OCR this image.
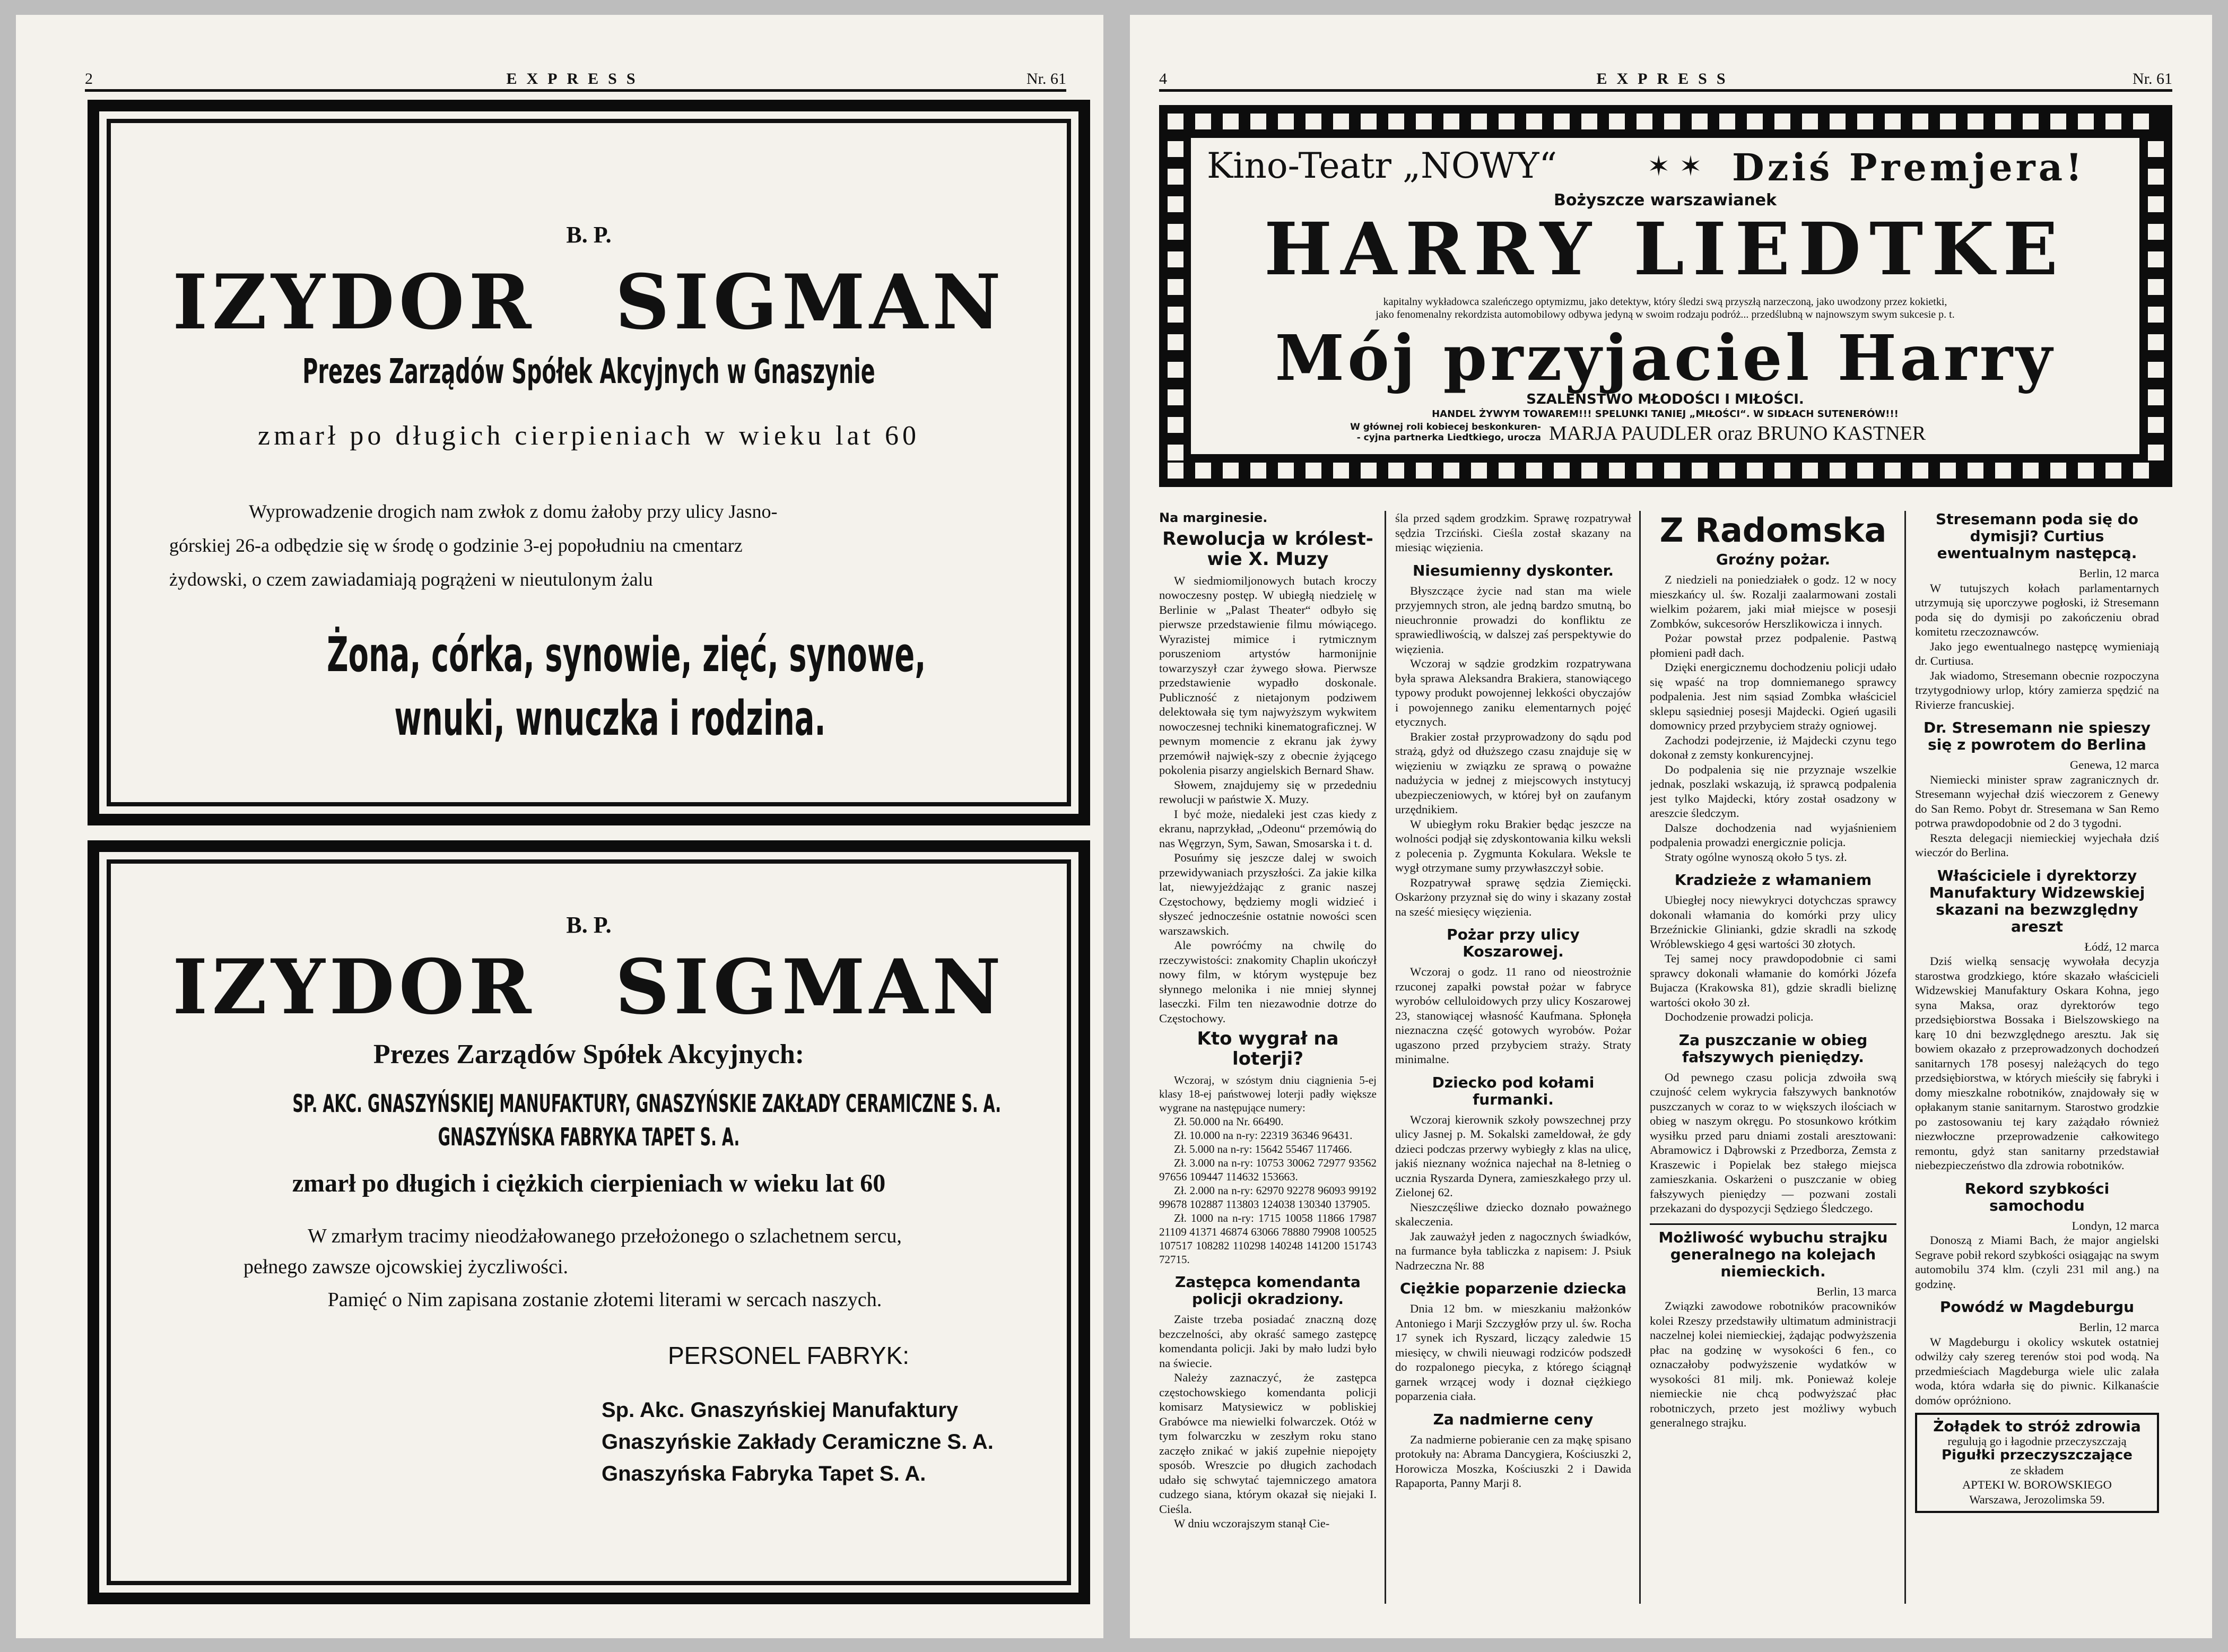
2	EXPRESS	Nr. 61
B. P.
IZYDOR SIGMAN
Prezes Zarządów Spółek Akcyjnych w Gnaszynie
zmarł po długich cierpieniach w wieku lat 60
Wyprowadzenie drogich nam zwłok z domu żałoby przy ulicy Jasno-
górskiej 26-a odbędzie się w środę o godzinie 3-ej popołudniu na cmentarz
żydowski, o czem zawiadamiają pogrążeni w nieutulonym żalu
Żona, córka, synowie, zięć, synowe,
wnuki, wnuczka i rodzina.
B. P.
IZYDOR SIGMAN
Prezes Zarządów Spółek Akcyjnych:
SP. AKC. GNASZYŃSKIEJ MANUFAKTURY, GNASZYŃSKIE ZAKŁADY CERAMICZNE S. A.
GNASZYŃSKA FABRYKA TAPET S. A.
zmarł po długich i ciężkich cierpieniach w wieku lat 60
W zmarłym tracimy nieodżałowanego przełożonego o szlachetnem sercu,
pełnego zawsze ojcowskiej życzliwości.
Pamięć o Nim zapisana zostanie złotemi literami w sercach naszych.
PERSONEL FABRYK:
Sp. Akc. Gnaszyńskiej Manufaktury
Gnaszyńskie Zakłady Ceramiczne S. A.
Gnaszyńska Fabryka Tapet S. A.
4	EXPRESS	Nr. 61
Kino-Teatr „NOWY“	✶ ✶ Dziś Premjera!
Bożyszcze warszawianek
HARRY LIEDTKE
kapitalny wykładowca szaleńczego optymizmu, jako detektyw, który śledzi swą przyszłą narzeczoną, jako uwodzony przez kokietki,
jako fenomenalny rekordzista automobilowy odbywa jedyną w swoim rodzaju podróż... przedślubną w najnowszym swym sukcesie p. t.
Mój przyjaciel Harry
SZALEŃSTWO MŁODOŚCI I MIŁOŚCI.
HANDEL ŻYWYM TOWAREM!!! SPELUNKI TANIEJ „MIŁOŚCI“. W SIDŁACH SUTENERÓW!!!
W głównej roli kobiecej beskonkuren-
- cyjna partnerka Liedtkiego, urocza MARJA PAUDLER oraz BRUNO KASTNER
Na marginesie.
Rewolucja w królest-wie X. Muzy

W siedmiomiljonowych butach kroczy nowoczesny postęp. W ubiegłą niedzielę w Berlinie w „Palast Theater“ odbyło się pierwsze przedstawienie filmu mówiącego. Wyrazistej mimice i rytmicznym poruszeniom artystów harmonijnie towarzyszył czar żywego słowa. Pierwsze przedstawienie wypadło doskonale. Publiczność z nietajonym podziwem delektowała się tym najwyższym wykwitem nowoczesnej techniki kinematograficznej. W pewnym momencie z ekranu jak żywy przemówił najwięk-szy z obecnie żyjącego pokolenia pisarzy angielskich Bernard Shaw.

Słowem, znajdujemy się w przededniu rewolucji w państwie X. Muzy.

I być może, niedaleki jest czas kiedy z ekranu, naprzykład, „Odeonu“ przemówią do nas Węgrzyn, Sym, Sawan, Smosarska i t. d.

Posuńmy się jeszcze dalej w swoich przewidywaniach przyszłości. Za jakie kilka lat, niewyjeżdżając z granic naszej Częstochowy, będziemy mogli widzieć i słyszeć jednocześnie ostatnie nowości scen warszawskich.

Ale powróćmy na chwilę do rzeczywistości: znakomity Chaplin ukończył nowy film, w którym występuje bez słynnego melonika i nie mniej słynnej laseczki. Film ten niezawodnie dotrze do Częstochowy.

Kto wygrał na loterji?

Wczoraj, w szóstym dniu ciągnienia 5-ej klasy 18-ej państwowej loterji padły większe wygrane na następujące numery:

Zł. 50.000 na Nr. 66490.

Zł. 10.000 na n-ry: 22319 36346 96431.

Zł. 5.000 na n-ry: 15642 55467 117466.

Zł. 3.000 na n-ry: 10753 30062 72977 93562 97656 109447 114632 153663.

Zł. 2.000 na n-ry: 62970 92278 96093 99192 99678 102887 113803 124038 130340 137905.

Zł. 1000 na n-ry: 1715 10058 11866 17987 21109 41371 46874 63066 78880 79908 100525 107517 108282 110298 140248 141200 151743 72715.

Zastępca komendanta policji okradziony.

Zaiste trzeba posiadać znaczną dozę bezczelności, aby okraść samego zastępcę komendanta policji. Jaki by mało ludzi było na świecie.

Należy zaznaczyć, że zastępca częstochowskiego komendanta policji komisarz Matysiewicz w pobliskiej Grabówce ma niewielki folwarczek. Otóż w tym folwarczku w zeszłym roku stano zaczęło znikać w jakiś zupełnie niepojęty sposób. Wreszcie po długich zachodach udało się schwytać tajemniczego amatora cudzego siana, którym okazał się niejaki I. Cieśla.

W dniu wczorajszym stanął Cie-

śla przed sądem grodzkim. Sprawę rozpatrywał sędzia Trzciński. Cieśla został skazany na miesiąc więzienia.

Niesumienny dyskonter.

Błyszczące życie nad stan ma wiele przyjemnych stron, ale jedną bardzo smutną, bo nieuchronnie prowadzi do konfliktu ze sprawiedliwością, w dalszej zaś perspektywie do więzienia.

Wczoraj w sądzie grodzkim rozpatrywana była sprawa Aleksandra Brakiera, stanowiącego typowy produkt powojennej lekkości obyczajów i powojennego zaniku elementarnych pojęć etycznych.

Brakier został przyprowadzony do sądu pod strażą, gdyż od dłuższego czasu znajduje się w więzieniu w związku ze sprawą o poważne nadużycia w jednej z miejscowych instytucyj ubezpieczeniowych, w której był on zaufanym urzędnikiem.

W ubiegłym roku Brakier będąc jeszcze na wolności podjął się zdyskontowania kilku weksli z polecenia p. Zygmunta Kokulara. Weksle te wygł otrzymane sumy przywłaszczył sobie.

Rozpatrywał sprawę sędzia Ziemięcki. Oskarżony przyznał się do winy i skazany został na sześć miesięcy więzienia.

Pożar przy ulicy Koszarowej.

Wczoraj o godz. 11 rano od nieostrożnie rzuconej zapałki powstał pożar w fabryce wyrobów celluloidowych przy ulicy Koszarowej 23, stanowiącej własność Kaufmana. Spłonęła nieznaczna część gotowych wyrobów. Pożar ugaszono przed przybyciem straży. Straty minimalne.

Dziecko pod kołami furmanki.

Wczoraj kierownik szkoły powszechnej przy ulicy Jasnej p. M. Sokalski zameldował, że gdy dzieci podczas przerwy wybiegły z klas na ulicę, jakiś nieznany woźnica najechał na 8-letnieg o ucznia Ryszarda Dynera, zamieszkałego przy ul. Zielonej 62.

Nieszczęśliwe dziecko doznało poważnego skaleczenia.

Jak zauważył jeden z nagocznych świadków, na furmance była tabliczka z napisem: J. Psiuk Nadrzeczna Nr. 88

Ciężkie poparzenie dziecka

Dnia 12 bm. w mieszkaniu małżonków Antoniego i Marji Szczygłów przy ul. św. Rocha 17 synek ich Ryszard, liczący zaledwie 15 miesięcy, w chwili nieuwagi rodziców podszedł do rozpalonego piecyka, z którego ściągnął garnek wrzącej wody i doznał ciężkiego poparzenia ciała.

Za nadmierne ceny

Za nadmierne pobieranie cen za mąkę spisano protokuły na: Abrama Dancygiera, Kościuszki 2, Horowicza Moszka, Kościuszki 2 i Dawida Rapaporta, Panny Marji 8.

Z Radomska
Groźny pożar.

Z niedzieli na poniedziałek o godz. 12 w nocy mieszkańcy ul. św. Rozalji zaalarmowani zostali wielkim pożarem, jaki miał miejsce w posesji Zombków, sukcesorów Herszlikowicza i innych.

Pożar powstał przez podpalenie. Pastwą płomieni padł dach.

Dzięki energicznemu dochodzeniu policji udało się wpaść na trop domniemanego sprawcy podpalenia. Jest nim sąsiad Zombka właściciel sklepu sąsiedniej posesji Majdecki. Ogień ugasili domownicy przed przybyciem straży ogniowej.

Zachodzi podejrzenie, iż Majdecki czynu tego dokonał z zemsty konkurencyjnej.

Do podpalenia się nie przyznaje wszelkie jednak, poszlaki wskazują, iż sprawcą podpalenia jest tylko Majdecki, który został osadzony w areszcie śledczym.

Dalsze dochodzenia nad wyjaśnieniem podpalenia prowadzi energicznie policja.

Straty ogólne wynoszą około 5 tys. zł.

Kradzieże z włamaniem

Ubiegłej nocy niewykryci dotychczas sprawcy dokonali włamania do komórki przy ulicy Brzeźnickie Glinianki, gdzie skradli na szkodę Wróblewskiego 4 gęsi wartości 30 złotych.

Tej samej nocy prawdopodobnie ci sami sprawcy dokonali włamanie do komórki Józefa Bujacza (Krakowska 81), gdzie skradli bieliznę wartości około 30 zł.

Dochodzenie prowadzi policja.

Za puszczanie w obieg fałszywych pieniędzy.

Od pewnego czasu policja zdwoiła swą czujność celem wykrycia fałszywych banknotów puszczanych w coraz to w większych ilościach w obieg w naszym okręgu. Po stosunkowo krótkim wysiłku przed paru dniami zostali aresztowani: Abramowicz i Dąbrowski z Przedborza, Zemsta z Kraszewic i Popielak bez stałego miejsca zamieszkania. Oskarżeni o puszczanie w obieg fałszywych pieniędzy — pozwani zostali przekazani do dyspozycji Sędziego Śledczego.

Możliwość wybuchu strajku generalnego na kolejach niemieckich.
Berlin, 13 marca

Związki zawodowe robotników pracowników kolei Rzeszy przedstawiły ultimatum administracji naczelnej kolei niemieckiej, żądając podwyższenia płac na godzinę w wysokości 6 fen., co oznaczałoby podwyższenie wydatków w wysokości 81 milj. mk. Ponieważ koleje niemieckie nie chcą podwyższać płac robotniczych, przeto jest możliwy wybuch generalnego strajku.

Stresemann poda się do dymisji? Curtius ewentualnym następcą.
Berlin, 12 marca

W tutujszych kołach parlamentarnych utrzymują się uporczywe pogłoski, iż Stresemann poda się do dymisji po zakończeniu obrad komitetu rzeczoznawców.

Jako jego ewentualnego następcę wymieniają dr. Curtiusa.

Jak wiadomo, Stresemann obecnie rozpoczyna trzytygodniowy urlop, który zamierza spędzić na Rivierze francuskiej.

Dr. Stresemann nie spieszy się z powrotem do Berlina
Genewa, 12 marca

Niemiecki minister spraw zagranicznych dr. Stresemann wyjechał dziś wieczorem z Genewy do San Remo. Pobyt dr. Stresemana w San Remo potrwa prawdopodobnie od 2 do 3 tygodni.

Reszta delegacji niemieckiej wyjechała dziś wieczór do Berlina.

Właściciele i dyrektorzy Manufaktury Widzewskiej skazani na bezwzględny areszt
Łódź, 12 marca

Dziś wielką sensację wywołała decyzja starostwa grodzkiego, które skazało właścicieli Widzewskiej Manufaktury Oskara Kohna, jego syna Maksa, oraz dyrektorów tego przedsiębiorstwa Bossaka i Bielszowskiego na karę 10 dni bezwzględnego aresztu. Jak się bowiem okazało z przeprowadzonych dochodzeń sanitarnych 178 posesyj należących do tego przedsiębiorstwa, w których mieściły się fabryki i domy mieszkalne robotników, znajdowały się w opłakanym stanie sanitarnym. Starostwo grodzkie po zastosowaniu tej kary zażądało również niezwłoczne przeprowadzenie całkowitego remontu, gdyż stan sanitarny przedstawiał niebezpieczeństwo dla zdrowia robotników.

Rekord szybkości samochodu
Londyn, 12 marca

Donoszą z Miami Bach, że major angielski Segrave pobił rekord szybkości osiągając na swym automobilu 374 klm. (czyli 231 mil ang.) na godzinę.

Powódź w Magdeburgu
Berlin, 12 marca

W Magdeburgu i okolicy wskutek ostatniej odwilży cały szereg terenów stoi pod wodą. Na przedmieściach Magdeburga wiele ulic zalała woda, która wdarła się do piwnic. Kilkanaście domów opróżniono.

Żołądek to stróż zdrowia
regulują go i łagodnie przeczyszczają
Pigułki przeczyszczające
ze składem
APTEKI W. BOROWSKIEGO
Warszawa, Jerozolimska 59.
